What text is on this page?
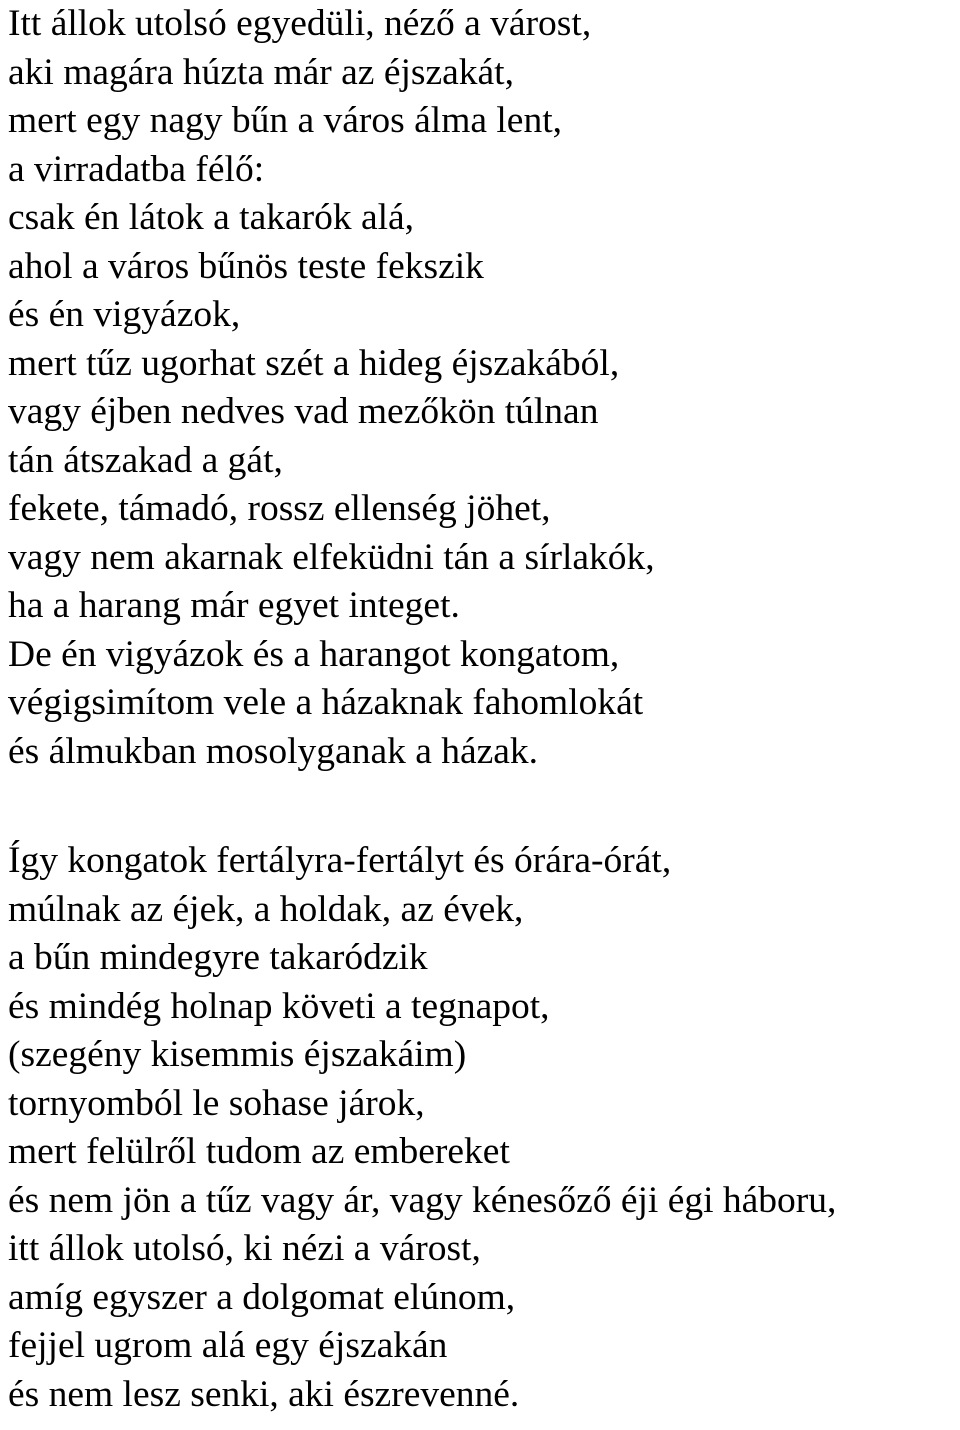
Itt állok utolsó egyedüli, néző a várost,
aki magára húzta már az éjszakát,
mert egy nagy bűn a város álma lent,
a virradatba félő:
csak én látok a takarók alá,
ahol a város bűnös teste fekszik
és én vigyázok,
mert tűz ugorhat szét a hideg éjszakából,
vagy éjben nedves vad mezőkön túlnan
tán átszakad a gát,
fekete, támadó, rossz ellenség jöhet,
vagy nem akarnak elfeküdni tán a sírlakók,
ha a harang már egyet integet.
De én vigyázok és a harangot kongatom,
végigsimítom vele a házaknak fahomlokát
és álmukban mosolyganak a házak.
Így kongatok fertályra-fertályt és órára-órát,
múlnak az éjek, a holdak, az évek,
a bűn mindegyre takaródzik
és mindég holnap követi a tegnapot,
(szegény kisemmis éjszakáim)
tornyomból le sohase járok,
mert felülről tudom az embereket
és nem jön a tűz vagy ár, vagy kénesőző éji égi háboru,
itt állok utolsó, ki nézi a várost,
amíg egyszer a dolgomat elúnom,
fejjel ugrom alá egy éjszakán
és nem lesz senki, aki észrevenné.
